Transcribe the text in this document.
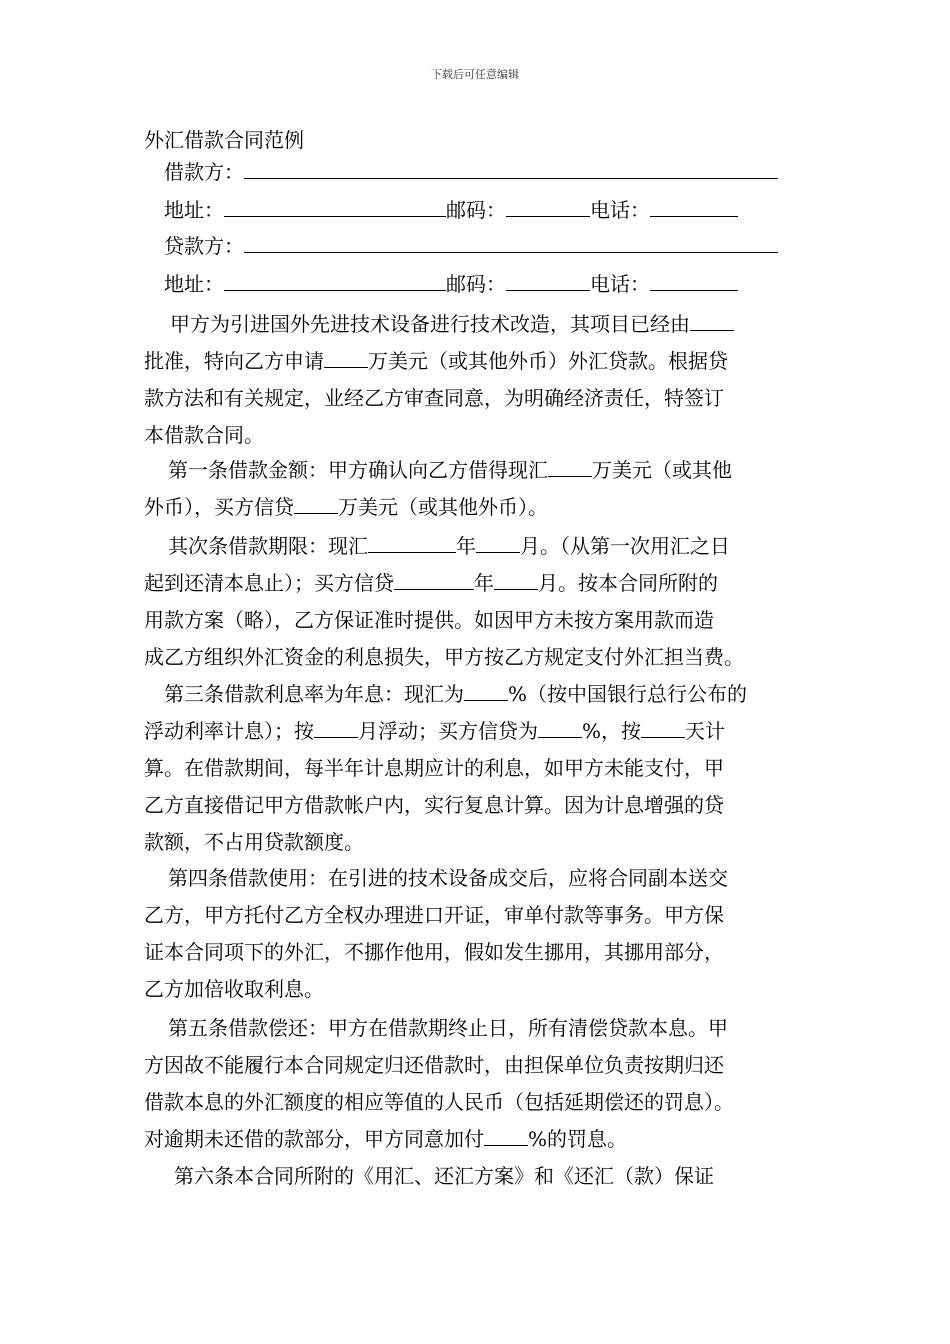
下载后可任意编辑
外汇借款合同范例
借款方：
地址：	邮码：	电话：
贷款方：
地址：	邮码：	电话：
甲方为引进国外先进技术设备进行技术改造，其项目已经由
批准，特向乙方申请 万美元（或其他外币）外汇贷款。根据贷
款方法和有关规定，业经乙方审查同意，为明确经济责任，特签订
本借款合同。
第一条借款金额：甲方确认向乙方借得现汇 万美元（或其他
外币），买方信贷 万美元（或其他外币）。
其次条借款期限：现汇	年 月。（从第一次用汇之日
起到还清本息止）；买方信贷	年 月。按本合同所附的
用款方案（略），乙方保证准时提供。如因甲方未按方案用款而造
成乙方组织外汇资金的利息损失，甲方按乙方规定支付外汇担当费。
第三条借款利息率为年息：现汇为 %（按中国银行总行公布的
浮动利率计息）；按 月浮动；买方信贷为 %，按 天计
算。在借款期间，每半年计息期应计的利息，如甲方未能支付，甲
乙方直接借记甲方借款帐户内，实行复息计算。因为计息增强的贷
款额，不占用贷款额度。
第四条借款使用：在引进的技术设备成交后，应将合同副本送交
乙方，甲方托付乙方全权办理进口开证，审单付款等事务。甲方保
证本合同项下的外汇，不挪作他用，假如发生挪用，其挪用部分，
乙方加倍收取利息。
第五条借款偿还：甲方在借款期终止日，所有清偿贷款本息。甲
方因故不能履行本合同规定归还借款时，由担保单位负责按期归还
借款本息的外汇额度的相应等值的人民币（包括延期偿还的罚息）。
对逾期未还借的款部分，甲方同意加付 %的罚息。
第六条本合同所附的《用汇、还汇方案》和《还汇（款）保证
